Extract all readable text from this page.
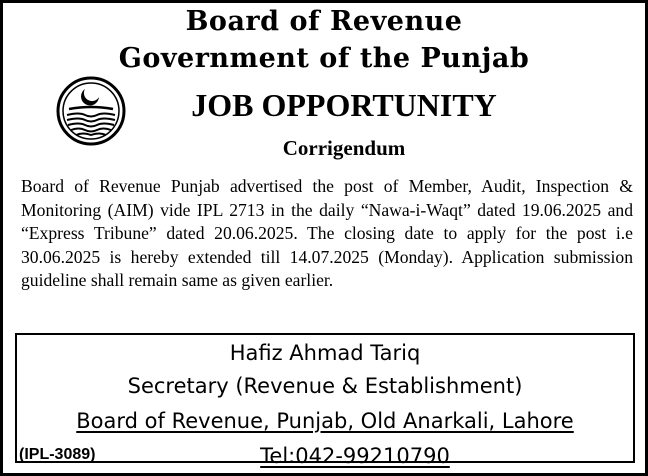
Board of Revenue
Government of the Punjab
JOB OPPORTUNITY
Corrigendum

Board of Revenue Punjab advertised the post of Member, Audit, Inspection & Monitoring (AIM) vide IPL 2713 in the daily “Nawa-i-Waqt” dated 19.06.2025 and “Express Tribune” dated 20.06.2025. The closing date to apply for the post i.e 30.06.2025 is hereby extended till 14.07.2025 (Monday). Application submission guideline shall remain same as given earlier.

Hafiz Ahmad Tariq
Secretary (Revenue & Establishment)
Board of Revenue, Punjab, Old Anarkali, Lahore
Tel:042-99210790
(IPL-3089)
